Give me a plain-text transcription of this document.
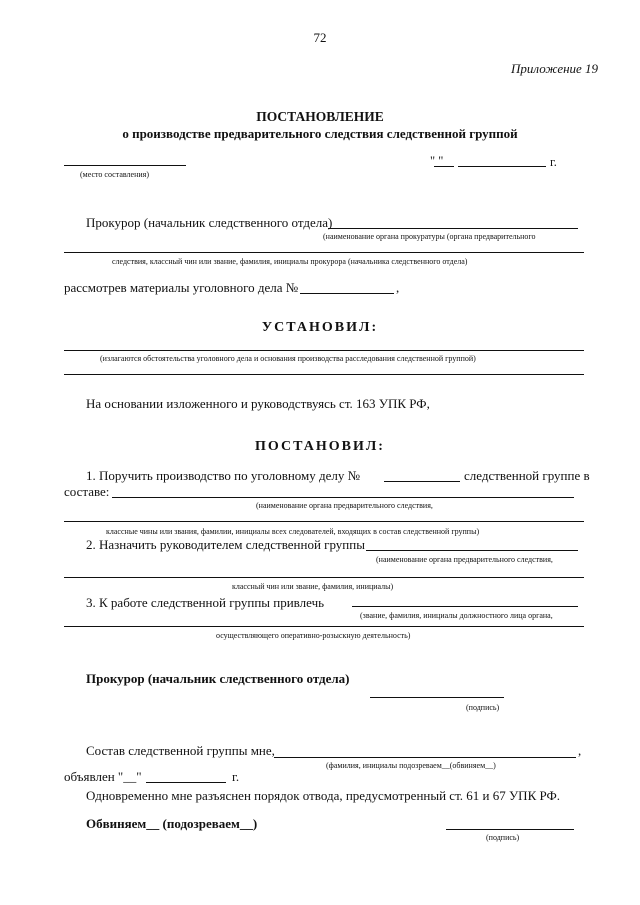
72
Приложение 19
ПОСТАНОВЛЕНИЕ
о производстве предварительного следствия следственной группой
(место составления)
" "	г.
Прокурор (начальник следственного отдела)
(наименование органа прокуратуры (органа предварительного
следствия, классный чин или звание, фамилия, инициалы прокурора (начальника следственного отдела)
рассмотрев материалы уголовного дела №	,
УСТАНОВИЛ:
(излагаются обстоятельства уголовного дела и основания производства расследования следственной группой)
На основании изложенного и руководствуясь ст. 163 УПК РФ,
ПОСТАНОВИЛ:
1. Поручить производство по уголовному делу №	следственной группе в
составе:
(наименование органа предварительного следствия,
классные чины или звания, фамилии, инициалы всех следователей, входящих в состав следственной группы)
2. Назначить руководителем следственной группы
(наименование органа предварительного следствия,
классный чин или звание, фамилия, инициалы)
3. К работе следственной группы привлечь
(звание, фамилия, инициалы должностного лица органа,
осуществляющего оперативно-розыскную деятельность)
Прокурор (начальник следственного отдела)
(подпись)
Состав следственной группы мне,	,
(фамилия, инициалы подозреваем__(обвиняем__)
объявлен "__"	г.
Одновременно мне разъяснен порядок отвода, предусмотренный ст. 61 и 67 УПК РФ.
Обвиняем__ (подозреваем__)
(подпись)
